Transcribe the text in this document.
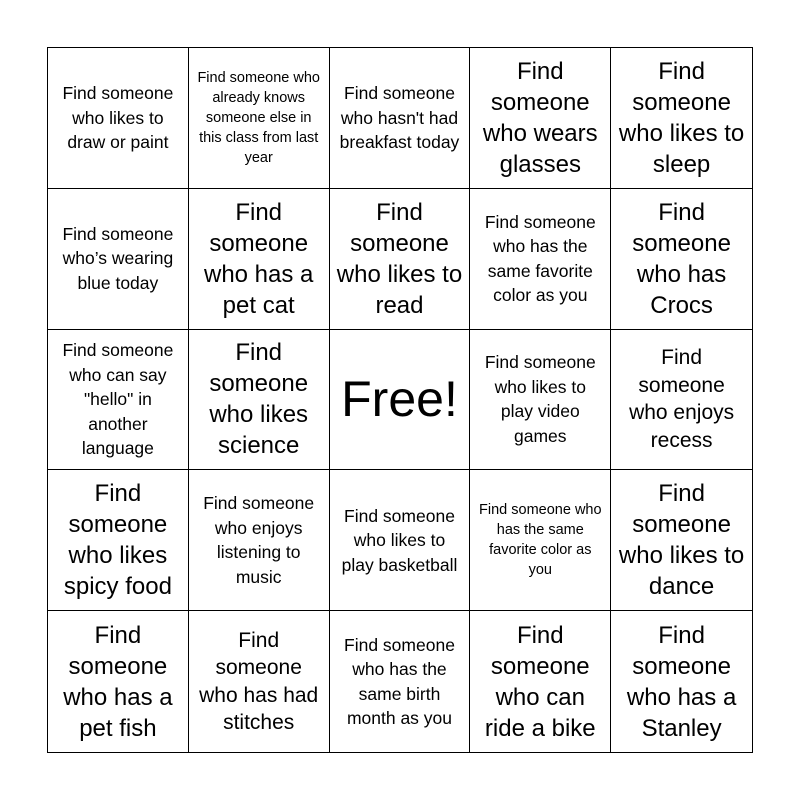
Find someone who likes to draw or paint
Find someone who already knows someone else in this class from last year
Find someone who hasn't had breakfast today
Find someone who wears glasses
Find someone who likes to sleep
Find someone who’s wearing blue today
Find someone who has a pet cat
Find someone who likes to read
Find someone who has the same favorite color as you
Find someone who has Crocs
Find someone who can say "hello" in another language
Find someone who likes science
Free!
Find someone who likes to play video games
Find someone who enjoys recess
Find someone who likes spicy food
Find someone who enjoys listening to music
Find someone who likes to play basketball
Find someone who has the same favorite color as you
Find someone who likes to dance
Find someone who has a pet fish
Find someone who has had stitches
Find someone who has the same birth month as you
Find someone who can ride a bike
Find someone who has a Stanley
